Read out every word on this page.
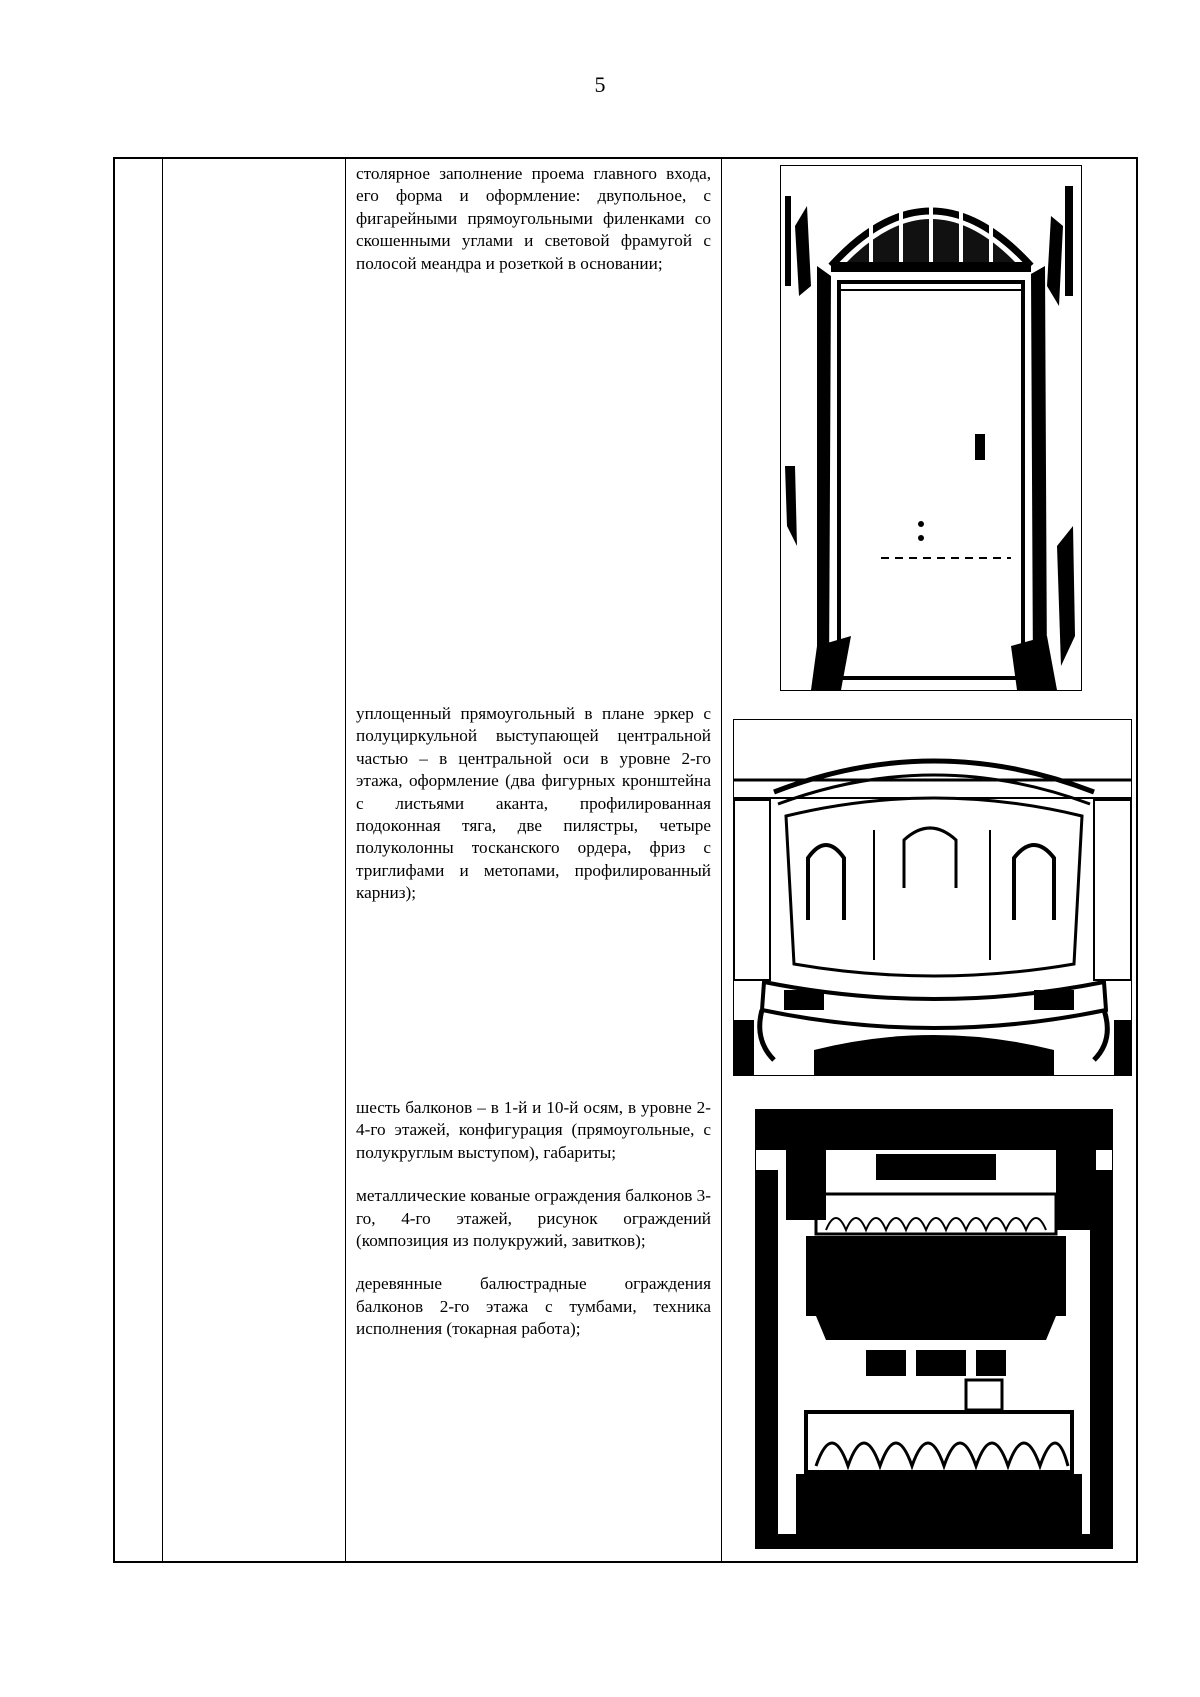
5

столярное заполнение проема главного входа, его форма и оформление: двупольное, с фигарейными прямоугольными филенками со скошенными углами и световой фрамугой с полосой меандра и розеткой в основании;

уплощенный прямоугольный в плане эркер с полуциркульной выступающей центральной частью – в центральной оси в уровне 2-го этажа, оформление (два фигурных кронштейна с листьями аканта, профилированная подоконная тяга, две пилястры, четыре полуколонны тосканского ордера, фриз с триглифами и метопами, профилированный карниз);

шесть балконов – в 1-й и 10-й осям, в уровне 2-4-го этажей, конфигурация (прямоугольные, с полукруглым выступом), габариты;

металлические кованые ограждения балконов 3-го, 4-го этажей, рисунок ограждений (композиция из полукружий, завитков);

деревянные балюстрадные ограждения балконов 2-го этажа с тумбами, техника исполнения (токарная работа);
